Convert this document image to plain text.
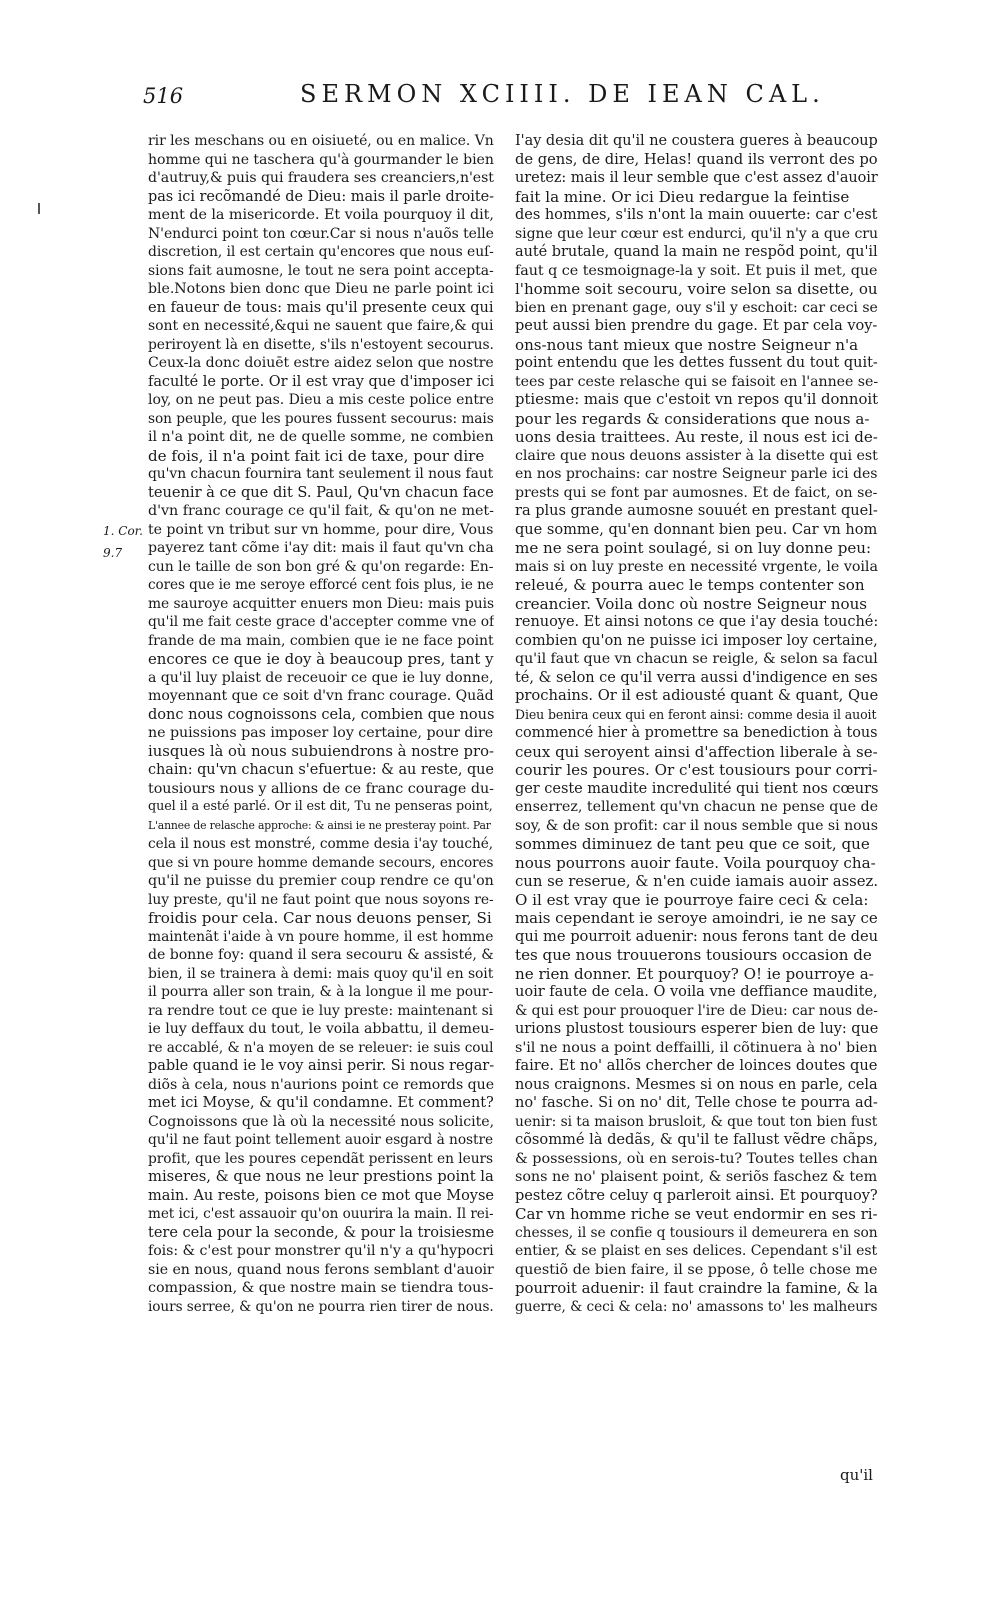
516	SERMON XCIIII. DE IEAN CAL.
1. Cor.
9.7
rir les meschans ou en oisiueté, ou en malice. Vn
homme qui ne taschera qu'à gourmander le bien
d'autruy,& puis qui fraudera ses creanciers,n'est
pas ici recõmandé de Dieu: mais il parle droite-
ment de la misericorde. Et voila pourquoy il dit,
N'endurci point ton cœur.Car si nous n'auõs telle
discretion, il est certain qu'encores que nous euſ-
sions fait aumosne, le tout ne sera point accepta-
ble.Notons bien donc que Dieu ne parle point ici
en faueur de tous: mais qu'il presente ceux qui
sont en necessité,&qui ne sauent que faire,& qui
periroyent là en disette, s'ils n'estoyent secourus.
Ceux-la donc doiuēt estre aidez selon que nostre
faculté le porte. Or il est vray que d'imposer ici
loy, on ne peut pas. Dieu a mis ceste police entre
son peuple, que les poures fussent secourus: mais
il n'a point dit, ne de quelle somme, ne combien
de fois, il n'a point fait ici de taxe, pour dire
qu'vn chacun fournira tant seulement il nous faut
teuenir à ce que dit S. Paul, Qu'vn chacun face
d'vn franc courage ce qu'il fait, & qu'on ne met-
te point vn tribut sur vn homme, pour dire, Vous
payerez tant cõme i'ay dit: mais il faut qu'vn cha
cun le taille de son bon gré & qu'on regarde: En-
cores que ie me seroye efforcé cent fois plus, ie ne
me sauroye acquitter enuers mon Dieu: mais puis
qu'il me fait ceste grace d'accepter comme vne of
frande de ma main, combien que ie ne face point
encores ce que ie doy à beaucoup pres, tant y
a qu'il luy plaist de receuoir ce que ie luy donne,
moyennant que ce soit d'vn franc courage. Quãd
donc nous cognoissons cela, combien que nous
ne puissions pas imposer loy certaine, pour dire
iusques là où nous subuiendrons à nostre pro-
chain: qu'vn chacun s'efuertue: & au reste, que
tousiours nous y allions de ce franc courage du-
quel il a esté parlé. Or il est dit, Tu ne penseras point,
L'annee de relasche approche: & ainsi ie ne presteray point. Par
cela il nous est monstré, comme desia i'ay touché,
que si vn poure homme demande secours, encores
qu'il ne puisse du premier coup rendre ce qu'on
luy preste, qu'il ne faut point que nous soyons re-
froidis pour cela. Car nous deuons penser, Si
maintenãt i'aide à vn poure homme, il est homme
de bonne foy: quand il sera secouru & assisté, &
bien, il se trainera à demi: mais quoy qu'il en soit
il pourra aller son train, & à la longue il me pour-
ra rendre tout ce que ie luy preste: maintenant si
ie luy deffaux du tout, le voila abbattu, il demeu-
re accablé, & n'a moyen de se releuer: ie suis coul
pable quand ie le voy ainsi perir. Si nous regar-
diõs à cela, nous n'aurions point ce remords que
met ici Moyse, & qu'il condamne. Et comment?
Cognoissons que là où la necessité nous solicite,
qu'il ne faut point tellement auoir esgard à nostre
profit, que les poures cependãt perissent en leurs
miseres, & que nous ne leur prestions point la
main. Au reste, poisons bien ce mot que Moyse
met ici, c'est assauoir qu'on ouurira la main. Il rei-
tere cela pour la seconde, & pour la troisiesme
fois: & c'est pour monstrer qu'il n'y a qu'hypocri
sie en nous, quand nous ferons semblant d'auoir
compassion, & que nostre main se tiendra tous-
iours serree, & qu'on ne pourra rien tirer de nous.
I'ay desia dit qu'il ne coustera gueres à beaucoup
de gens, de dire, Helas! quand ils verront des po
uretez: mais il leur semble que c'est assez d'auoir
fait la mine. Or ici Dieu redargue la feintise
des hommes, s'ils n'ont la main ouuerte: car c'est
signe que leur cœur est endurci, qu'il n'y a que cru
auté brutale, quand la main ne respõd point, qu'il
faut q ce tesmoignage-la y soit. Et puis il met, que
l'homme soit secouru, voire selon sa disette, ou
bien en prenant gage, ouy s'il y eschoit: car ceci se
peut aussi bien prendre du gage. Et par cela voy-
ons-nous tant mieux que nostre Seigneur n'a
point entendu que les dettes fussent du tout quit-
tees par ceste relasche qui se faisoit en l'annee se-
ptiesme: mais que c'estoit vn repos qu'il donnoit
pour les regards & considerations que nous a-
uons desia traittees. Au reste, il nous est ici de-
claire que nous deuons assister à la disette qui est
en nos prochains: car nostre Seigneur parle ici des
prests qui se font par aumosnes. Et de faict, on se-
ra plus grande aumosne souuét en prestant quel-
que somme, qu'en donnant bien peu. Car vn hom
me ne sera point soulagé, si on luy donne peu:
mais si on luy preste en necessité vrgente, le voila
releué, & pourra auec le temps contenter son
creancier. Voila donc où nostre Seigneur nous
renuoye. Et ainsi notons ce que i'ay desia touché:
combien qu'on ne puisse ici imposer loy certaine,
qu'il faut que vn chacun se reigle, & selon sa facul
té, & selon ce qu'il verra aussi d'indigence en ses
prochains. Or il est adiousté quant & quant, Que
Dieu benira ceux qui en feront ainsi: comme desia il auoit
commencé hier à promettre sa benediction à tous
ceux qui seroyent ainsi d'affection liberale à se-
courir les poures. Or c'est tousiours pour corri-
ger ceste maudite incredulité qui tient nos cœurs
enserrez, tellement qu'vn chacun ne pense que de
soy, & de son profit: car il nous semble que si nous
sommes diminuez de tant peu que ce soit, que
nous pourrons auoir faute. Voila pourquoy cha-
cun se reserue, & n'en cuide iamais auoir assez.
O il est vray que ie pourroye faire ceci & cela:
mais cependant ie seroye amoindri, ie ne say ce
qui me pourroit aduenir: nous ferons tant de deu
tes que nous trouuerons tousiours occasion de
ne rien donner. Et pourquoy? O! ie pourroye a-
uoir faute de cela. O voila vne deffiance maudite,
& qui est pour prouoquer l'ire de Dieu: car nous de-
urions plustost tousiours esperer bien de luy: que
s'il ne nous a point deffailli, il cõtinuera à no' bien
faire. Et no' allõs chercher de loinces doutes que
nous craignons. Mesmes si on nous en parle, cela
no' fasche. Si on no' dit, Telle chose te pourra ad-
uenir: si ta maison brusloit, & que tout ton bien fust
cõsommé là dedãs, & qu'il te fallust vẽdre chãps,
& possessions, où en serois-tu? Toutes telles chan
sons ne no' plaisent point, & seriõs faschez & tem
pestez cõtre celuy q parleroit ainsi. Et pourquoy?
Car vn homme riche se veut endormir en ses ri-
chesses, il se confie q tousiours il demeurera en son
entier, & se plaist en ses delices. Cependant s'il est
questiõ de bien faire, il se ppose, ô telle chose me
pourroit aduenir: il faut craindre la famine, & la
guerre, & ceci & cela: no' amassons to' les malheurs
qu'il
